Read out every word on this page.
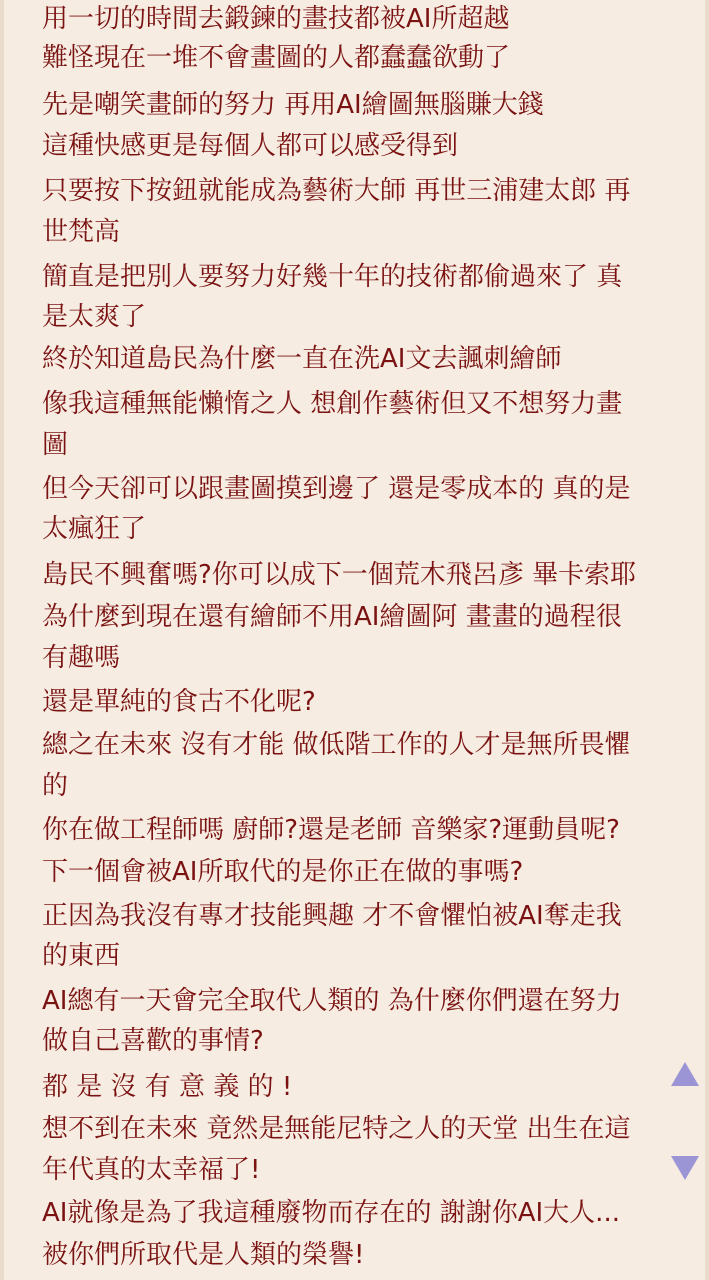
用一切的時間去鍛鍊的畫技都被AI所超越
難怪現在一堆不會畫圖的人都蠢蠢欲動了
先是嘲笑畫師的努力 再用AI繪圖無腦賺大錢
這種快感更是每個人都可以感受得到
只要按下按鈕就能成為藝術大師 再世三浦建太郎 再
世梵高
簡直是把別人要努力好幾十年的技術都偷過來了 真
是太爽了
終於知道島民為什麼一直在洗AI文去諷刺繪師
像我這種無能懶惰之人 想創作藝術但又不想努力畫
圖
但今天卻可以跟畫圖摸到邊了 還是零成本的 真的是
太瘋狂了
島民不興奮嗎?你可以成下一個荒木飛呂彥 畢卡索耶
為什麼到現在還有繪師不用AI繪圖阿 畫畫的過程很
有趣嗎
還是單純的食古不化呢?
總之在未來 沒有才能 做低階工作的人才是無所畏懼
的
你在做工程師嗎 廚師?還是老師 音樂家?運動員呢?
下一個會被AI所取代的是你正在做的事嗎?
正因為我沒有專才技能興趣 才不會懼怕被AI奪走我
的東西
AI總有一天會完全取代人類的 為什麼你們還在努力
做自己喜歡的事情?
都 是 沒 有 意 義 的 !
想不到在未來 竟然是無能尼特之人的天堂 出生在這
年代真的太幸福了!
AI就像是為了我這種廢物而存在的 謝謝你AI大人...
被你們所取代是人類的榮譽!
